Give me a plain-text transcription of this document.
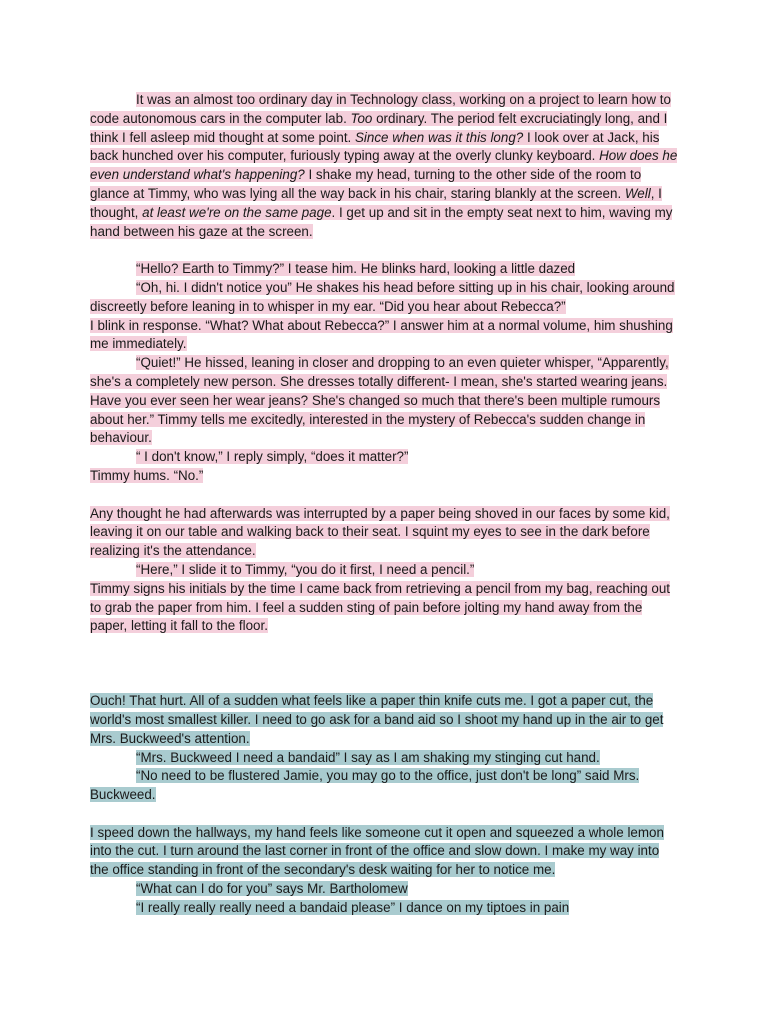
It was an almost too ordinary day in Technology class, working on a project to learn how to code autonomous cars in the computer lab. Too ordinary. The period felt excruciatingly long, and I think I fell asleep mid thought at some point. Since when was it this long? I look over at Jack, his back hunched over his computer, furiously typing away at the overly clunky keyboard. How does he even understand what's happening? I shake my head, turning to the other side of the room to glance at Timmy, who was lying all the way back in his chair, staring blankly at the screen. Well, I thought, at least we're on the same page. I get up and sit in the empty seat next to him, waving my hand between his gaze at the screen.

“Hello? Earth to Timmy?” I tease him. He blinks hard, looking a little dazed

“Oh, hi. I didn't notice you” He shakes his head before sitting up in his chair, looking around discreetly before leaning in to whisper in my ear. “Did you hear about Rebecca?”

I blink in response. “What? What about Rebecca?” I answer him at a normal volume, him shushing me immediately.

“Quiet!” He hissed, leaning in closer and dropping to an even quieter whisper, “Apparently, she's a completely new person. She dresses totally different- I mean, she's started wearing jeans. Have you ever seen her wear jeans? She's changed so much that there's been multiple rumours about her.” Timmy tells me excitedly, interested in the mystery of Rebecca's sudden change in behaviour.

“ I don't know,” I reply simply, “does it matter?”

Timmy hums. “No.”

Any thought he had afterwards was interrupted by a paper being shoved in our faces by some kid, leaving it on our table and walking back to their seat. I squint my eyes to see in the dark before realizing it's the attendance.

“Here,” I slide it to Timmy, “you do it first, I need a pencil.”

Timmy signs his initials by the time I came back from retrieving a pencil from my bag, reaching out to grab the paper from him. I feel a sudden sting of pain before jolting my hand away from the paper, letting it fall to the floor.

Ouch! That hurt. All of a sudden what feels like a paper thin knife cuts me. I got a paper cut, the world's most smallest killer. I need to go ask for a band aid so I shoot my hand up in the air to get Mrs. Buckweed's attention.

“Mrs. Buckweed I need a bandaid” I say as I am shaking my stinging cut hand.

“No need to be flustered Jamie, you may go to the office, just don't be long” said Mrs. Buckweed.

I speed down the hallways, my hand feels like someone cut it open and squeezed a whole lemon into the cut. I turn around the last corner in front of the office and slow down. I make my way into the office standing in front of the secondary's desk waiting for her to notice me.

“What can I do for you” says Mr. Bartholomew

“I really really really need a bandaid please” I dance on my tiptoes in pain
